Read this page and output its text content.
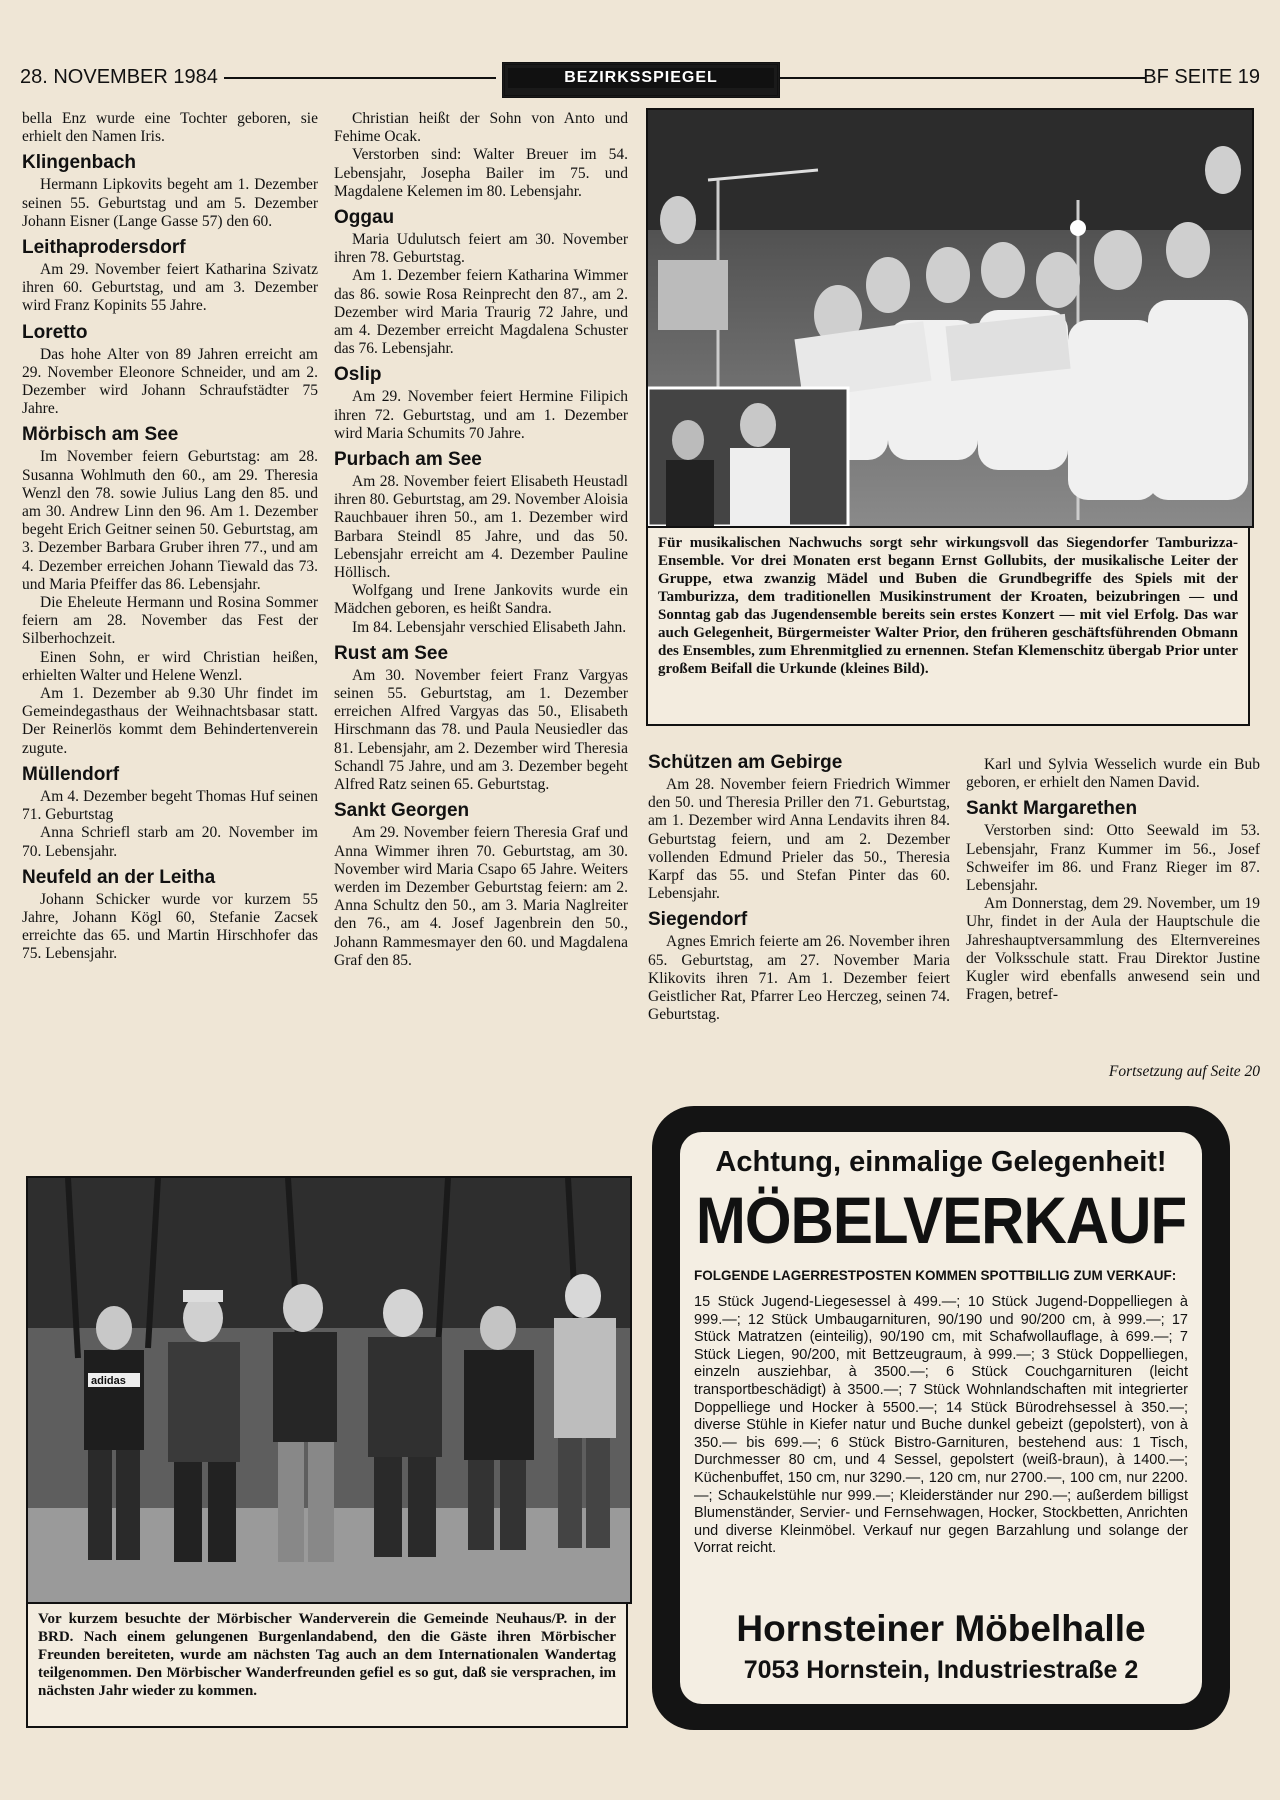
28. NOVEMBER 1984	BEZIRKSSPIEGEL	BF SEITE 19

bella Enz wurde eine Tochter geboren, sie erhielt den Namen Iris.

Klingenbach

Hermann Lipkovits begeht am 1. Dezember seinen 55. Geburtstag und am 5. Dezember Johann Eisner (Lange Gasse 57) den 60.

Leithaprodersdorf

Am 29. November feiert Katharina Szivatz ihren 60. Geburtstag, und am 3. Dezember wird Franz Kopinits 55 Jahre.

Loretto

Das hohe Alter von 89 Jahren erreicht am 29. November Eleonore Schneider, und am 2. Dezember wird Johann Schraufstädter 75 Jahre.

Mörbisch am See

Im November feiern Geburtstag: am 28. Susanna Wohlmuth den 60., am 29. Theresia Wenzl den 78. sowie Julius Lang den 85. und am 30. Andrew Linn den 96. Am 1. Dezember begeht Erich Geitner seinen 50. Geburtstag, am 3. Dezember Barbara Gruber ihren 77., und am 4. Dezember erreichen Johann Tiewald das 73. und Maria Pfeiffer das 86. Lebensjahr.

Die Eheleute Hermann und Rosina Sommer feiern am 28. November das Fest der Silberhochzeit.

Einen Sohn, er wird Christian heißen, erhielten Walter und Helene Wenzl.

Am 1. Dezember ab 9.30 Uhr findet im Gemeindegasthaus der Weihnachtsbasar statt. Der Reinerlös kommt dem Behindertenverein zugute.

Müllendorf

Am 4. Dezember begeht Thomas Huf seinen 71. Geburtstag

Anna Schriefl starb am 20. November im 70. Lebensjahr.

Neufeld an der Leitha

Johann Schicker wurde vor kurzem 55 Jahre, Johann Kögl 60, Stefanie Zacsek erreichte das 65. und Martin Hirschhofer das 75. Lebensjahr.

Christian heißt der Sohn von Anto und Fehime Ocak.

Verstorben sind: Walter Breuer im 54. Lebensjahr, Josepha Bailer im 75. und Magdalene Kelemen im 80. Lebensjahr.

Oggau

Maria Udulutsch feiert am 30. November ihren 78. Geburtstag.

Am 1. Dezember feiern Katharina Wimmer das 86. sowie Rosa Reinprecht den 87., am 2. Dezember wird Maria Traurig 72 Jahre, und am 4. Dezember erreicht Magdalena Schuster das 76. Lebensjahr.

Oslip

Am 29. November feiert Hermine Filipich ihren 72. Geburtstag, und am 1. Dezember wird Maria Schumits 70 Jahre.

Purbach am See

Am 28. November feiert Elisabeth Heustadl ihren 80. Geburtstag, am 29. November Aloisia Rauchbauer ihren 50., am 1. Dezember wird Barbara Steindl 85 Jahre, und das 50. Lebensjahr erreicht am 4. Dezember Pauline Höllisch.

Wolfgang und Irene Jankovits wurde ein Mädchen geboren, es heißt Sandra.

Im 84. Lebensjahr verschied Elisabeth Jahn.

Rust am See

Am 30. November feiert Franz Vargyas seinen 55. Geburtstag, am 1. Dezember erreichen Alfred Vargyas das 50., Elisabeth Hirschmann das 78. und Paula Neusiedler das 81. Lebensjahr, am 2. Dezember wird Theresia Schandl 75 Jahre, und am 3. Dezember begeht Alfred Ratz seinen 65. Geburtstag.

Sankt Georgen

Am 29. November feiern Theresia Graf und Anna Wimmer ihren 70. Geburtstag, am 30. November wird Maria Csapo 65 Jahre. Weiters werden im Dezember Geburtstag feiern: am 2. Anna Schultz den 50., am 3. Maria Naglreiter den 76., am 4. Josef Jagenbrein den 50., Johann Rammesmayer den 60. und Magdalena Graf den 85.

Für musikalischen Nachwuchs sorgt sehr wirkungsvoll das Siegendorfer Tamburizza-Ensemble. Vor drei Monaten erst begann Ernst Gollubits, der musikalische Leiter der Gruppe, etwa zwanzig Mädel und Buben die Grundbegriffe des Spiels mit der Tamburizza, dem traditionellen Musikinstrument der Kroaten, beizubringen — und Sonntag gab das Jugendensemble bereits sein erstes Konzert — mit viel Erfolg. Das war auch Gelegenheit, Bürgermeister Walter Prior, den früheren geschäftsführenden Obmann des Ensembles, zum Ehrenmitglied zu ernennen. Stefan Klemenschitz übergab Prior unter großem Beifall die Urkunde (kleines Bild).
Schützen am Gebirge

Am 28. November feiern Friedrich Wimmer den 50. und Theresia Priller den 71. Geburtstag, am 1. Dezember wird Anna Lendavits ihren 84. Geburtstag feiern, und am 2. Dezember vollenden Edmund Prieler das 50., Theresia Karpf das 55. und Stefan Pinter das 60. Lebensjahr.

Siegendorf

Agnes Emrich feierte am 26. November ihren 65. Geburtstag, am 27. November Maria Klikovits ihren 71. Am 1. Dezember feiert Geistlicher Rat, Pfarrer Leo Herczeg, seinen 74. Geburtstag.

Karl und Sylvia Wesselich wurde ein Bub geboren, er erhielt den Namen David.

Sankt Margarethen

Verstorben sind: Otto Seewald im 53. Lebensjahr, Franz Kummer im 56., Josef Schweifer im 86. und Franz Rieger im 87. Lebensjahr.

Am Donnerstag, dem 29. November, um 19 Uhr, findet in der Aula der Hauptschule die Jahreshauptversammlung des Elternvereines der Volksschule statt. Frau Direktor Justine Kugler wird ebenfalls anwesend sein und Fragen, betref-

Fortsetzung auf Seite 20
adidas
Vor kurzem besuchte der Mörbischer Wanderverein die Gemeinde Neuhaus/P. in der BRD. Nach einem gelungenen Burgenlandabend, den die Gäste ihren Mörbischer Freunden bereiteten, wurde am nächsten Tag auch an dem Internationalen Wandertag teilgenommen. Den Mörbischer Wanderfreunden gefiel es so gut, daß sie versprachen, im nächsten Jahr wieder zu kommen.
Achtung, einmalige Gelegenheit!
MÖBELVERKAUF
FOLGENDE LAGERRESTPOSTEN KOMMEN SPOTTBILLIG ZUM VERKAUF:
15 Stück Jugend-Liegesessel à 499.—; 10 Stück Jugend-Doppelliegen à 999.—; 12 Stück Umbaugarnituren, 90/190 und 90/200 cm, à 999.—; 17 Stück Matratzen (einteilig), 90/190 cm, mit Schafwollauflage, à 699.—; 7 Stück Liegen, 90/200, mit Bettzeugraum, à 999.—; 3 Stück Doppelliegen, einzeln ausziehbar, à 3500.—; 6 Stück Couchgarnituren (leicht transportbeschädigt) à 3500.—; 7 Stück Wohnlandschaften mit integrierter Doppelliege und Hocker à 5500.—; 14 Stück Bürodrehsessel à 350.—; diverse Stühle in Kiefer natur und Buche dunkel gebeizt (gepolstert), von à 350.— bis 699.—; 6 Stück Bistro-Garnituren, bestehend aus: 1 Tisch, Durchmesser 80 cm, und 4 Sessel, gepolstert (weiß-braun), à 1400.—; Küchenbuffet, 150 cm, nur 3290.—, 120 cm, nur 2700.—, 100 cm, nur 2200.—; Schaukelstühle nur 999.—; Kleiderständer nur 290.—; außerdem billigst Blumenständer, Servier- und Fernsehwagen, Hocker, Stockbetten, Anrichten und diverse Kleinmöbel. Verkauf nur gegen Barzahlung und solange der Vorrat reicht.
Hornsteiner Möbelhalle
7053 Hornstein, Industriestraße 2
